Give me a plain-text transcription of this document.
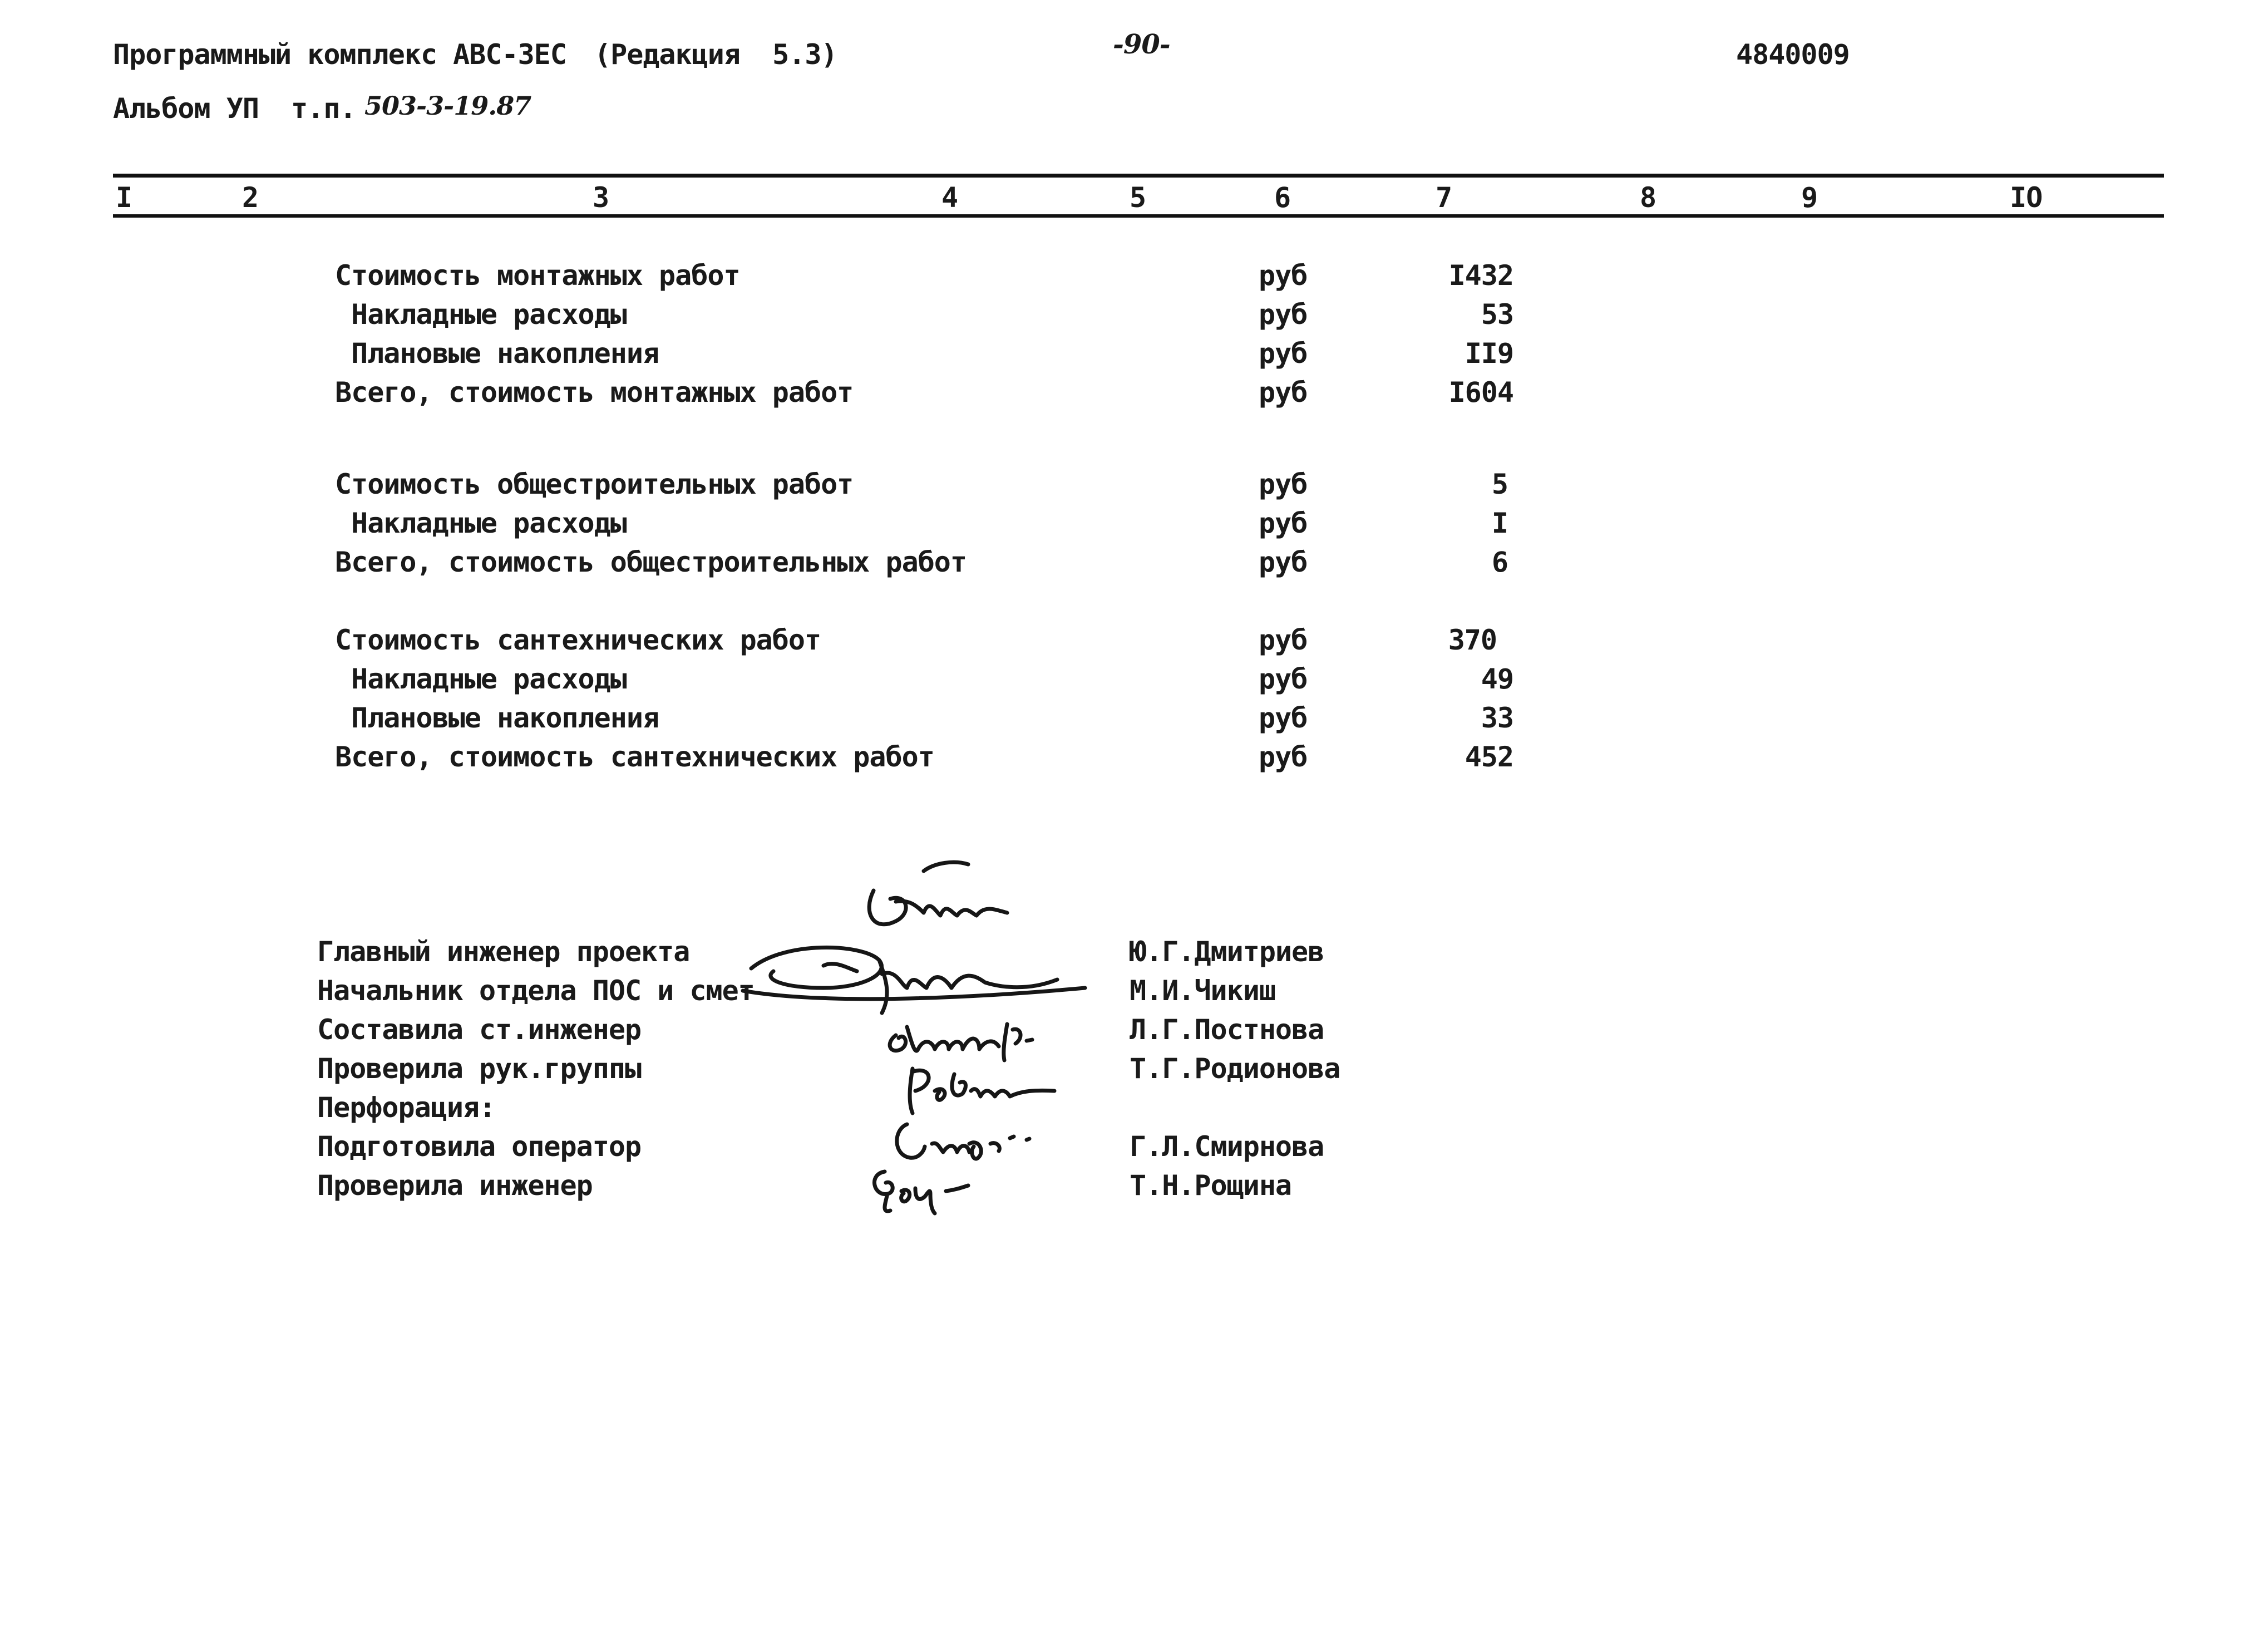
Программный комплекс АВС-ЗЕС (Редакция  5.3)	-90-	4840009
Альбом УП  т.п. 503-3-19.87
I	2	3	4	5	6	7	8	9	IO
Стоимость монтажных работ	руб	I432
Накладные расходы	руб	53
Плановые накопления	руб	II9
Всего, стоимость монтажных работ	руб	I604
Стоимость общестроительных работ	руб	5
Накладные расходы	руб	I
Всего, стоимость общестроительных работ	руб	6
Стоимость сантехнических работ	руб	370
Накладные расходы	руб	49
Плановые накопления	руб	33
Всего, стоимость сантехнических работ	руб	452
Главный инженер проекта	Ю.Г.Дмитриев
Начальник отдела ПОС и смет	М.И.Чикиш
Составила ст.инженер	Л.Г.Постнова
Проверила рук.группы	Т.Г.Родионова
Перфорация:
Подготовила оператор	Г.Л.Смирнова
Проверила инженер	Т.Н.Рощина
